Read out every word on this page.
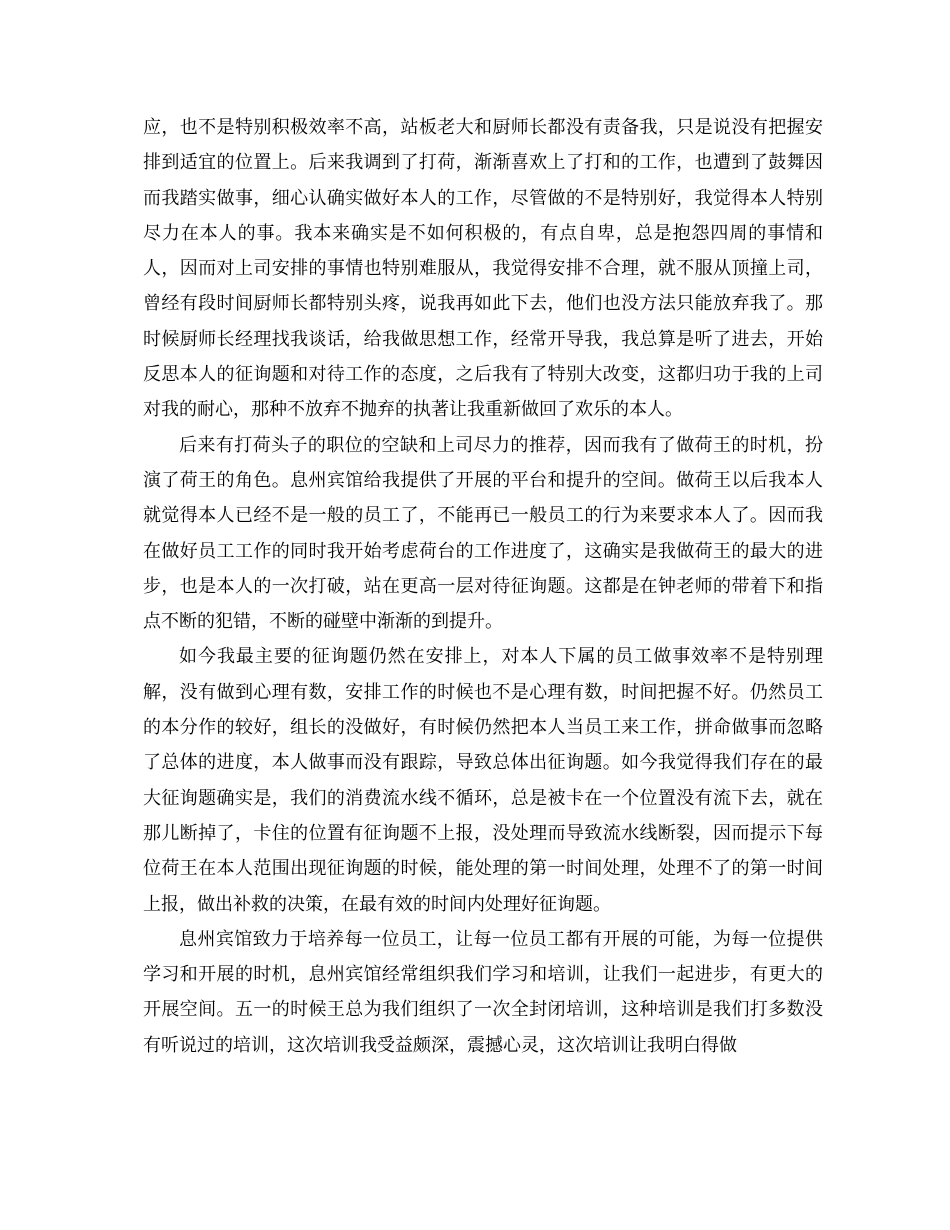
应，也不是特别积极效率不高，站板老大和厨师长都没有责备我，只是说没有把握安排到适宜的位置上。后来我调到了打荷，渐渐喜欢上了打和的工作，也遭到了鼓舞因而我踏实做事，细心认确实做好本人的工作，尽管做的不是特别好，我觉得本人特别尽力在本人的事。我本来确实是不如何积极的，有点自卑，总是抱怨四周的事情和人，因而对上司安排的事情也特别难服从，我觉得安排不合理，就不服从顶撞上司，曾经有段时间厨师长都特别头疼，说我再如此下去，他们也没方法只能放弃我了。那时候厨师长经理找我谈话，给我做思想工作，经常开导我，我总算是听了进去，开始反思本人的征询题和对待工作的态度，之后我有了特别大改变，这都归功于我的上司对我的耐心，那种不放弃不抛弃的执著让我重新做回了欢乐的本人。

后来有打荷头子的职位的空缺和上司尽力的推荐，因而我有了做荷王的时机，扮演了荷王的角色。息州宾馆给我提供了开展的平台和提升的空间。做荷王以后我本人就觉得本人已经不是一般的员工了，不能再已一般员工的行为来要求本人了。因而我在做好员工工作的同时我开始考虑荷台的工作进度了，这确实是我做荷王的最大的进步，也是本人的一次打破，站在更高一层对待征询题。这都是在钟老师的带着下和指点不断的犯错，不断的碰壁中渐渐的到提升。

如今我最主要的征询题仍然在安排上，对本人下属的员工做事效率不是特别理解，没有做到心理有数，安排工作的时候也不是心理有数，时间把握不好。仍然员工的本分作的较好，组长的没做好，有时候仍然把本人当员工来工作，拼命做事而忽略了总体的进度，本人做事而没有跟踪，导致总体出征询题。如今我觉得我们存在的最大征询题确实是，我们的消费流水线不循环，总是被卡在一个位置没有流下去，就在那儿断掉了，卡住的位置有征询题不上报，没处理而导致流水线断裂，因而提示下每位荷王在本人范围出现征询题的时候，能处理的第一时间处理，处理不了的第一时间上报，做出补救的决策，在最有效的时间内处理好征询题。

息州宾馆致力于培养每一位员工，让每一位员工都有开展的可能，为每一位提供学习和开展的时机，息州宾馆经常组织我们学习和培训，让我们一起进步，有更大的开展空间。五一的时候王总为我们组织了一次全封闭培训，这种培训是我们打多数没有听说过的培训，这次培训我受益颇深，震撼心灵，这次培训让我明白得做
